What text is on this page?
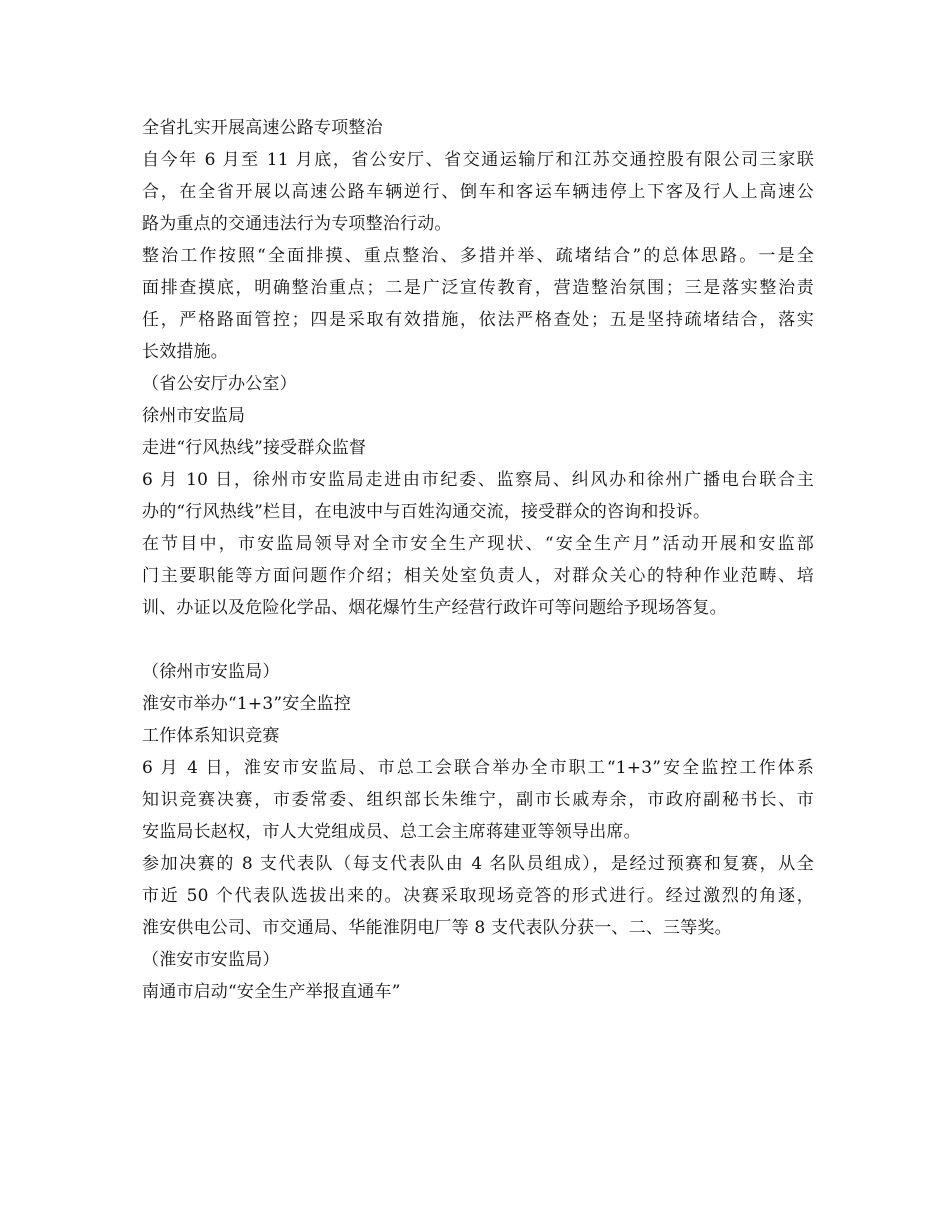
全省扎实开展高速公路专项整治
自今年 6 月至 11 月底，省公安厅、省交通运输厅和江苏交通控股有限公司三家联
合，在全省开展以高速公路车辆逆行、倒车和客运车辆违停上下客及行人上高速公
路为重点的交通违法行为专项整治行动。
整治工作按照“全面排摸、重点整治、多措并举、疏堵结合”的总体思路。一是全
面排查摸底，明确整治重点；二是广泛宣传教育，营造整治氛围；三是落实整治责
任，严格路面管控；四是采取有效措施，依法严格查处；五是坚持疏堵结合，落实
长效措施。
（省公安厅办公室）
徐州市安监局
走进“行风热线”接受群众监督
6 月 10 日，徐州市安监局走进由市纪委、监察局、纠风办和徐州广播电台联合主
办的“行风热线”栏目，在电波中与百姓沟通交流，接受群众的咨询和投诉。
在节目中，市安监局领导对全市安全生产现状、“安全生产月”活动开展和安监部
门主要职能等方面问题作介绍；相关处室负责人，对群众关心的特种作业范畴、培
训、办证以及危险化学品、烟花爆竹生产经营行政许可等问题给予现场答复。
（徐州市安监局）
淮安市举办“1+3”安全监控
工作体系知识竞赛
6 月 4 日，淮安市安监局、市总工会联合举办全市职工“1+3”安全监控工作体系
知识竞赛决赛，市委常委、组织部长朱维宁，副市长戚寿余，市政府副秘书长、市
安监局长赵权，市人大党组成员、总工会主席蒋建亚等领导出席。
参加决赛的 8 支代表队（每支代表队由 4 名队员组成），是经过预赛和复赛，从全
市近 50 个代表队选拔出来的。决赛采取现场竞答的形式进行。经过激烈的角逐，
淮安供电公司、市交通局、华能淮阴电厂等 8 支代表队分获一、二、三等奖。
（淮安市安监局）
南通市启动“安全生产举报直通车”
